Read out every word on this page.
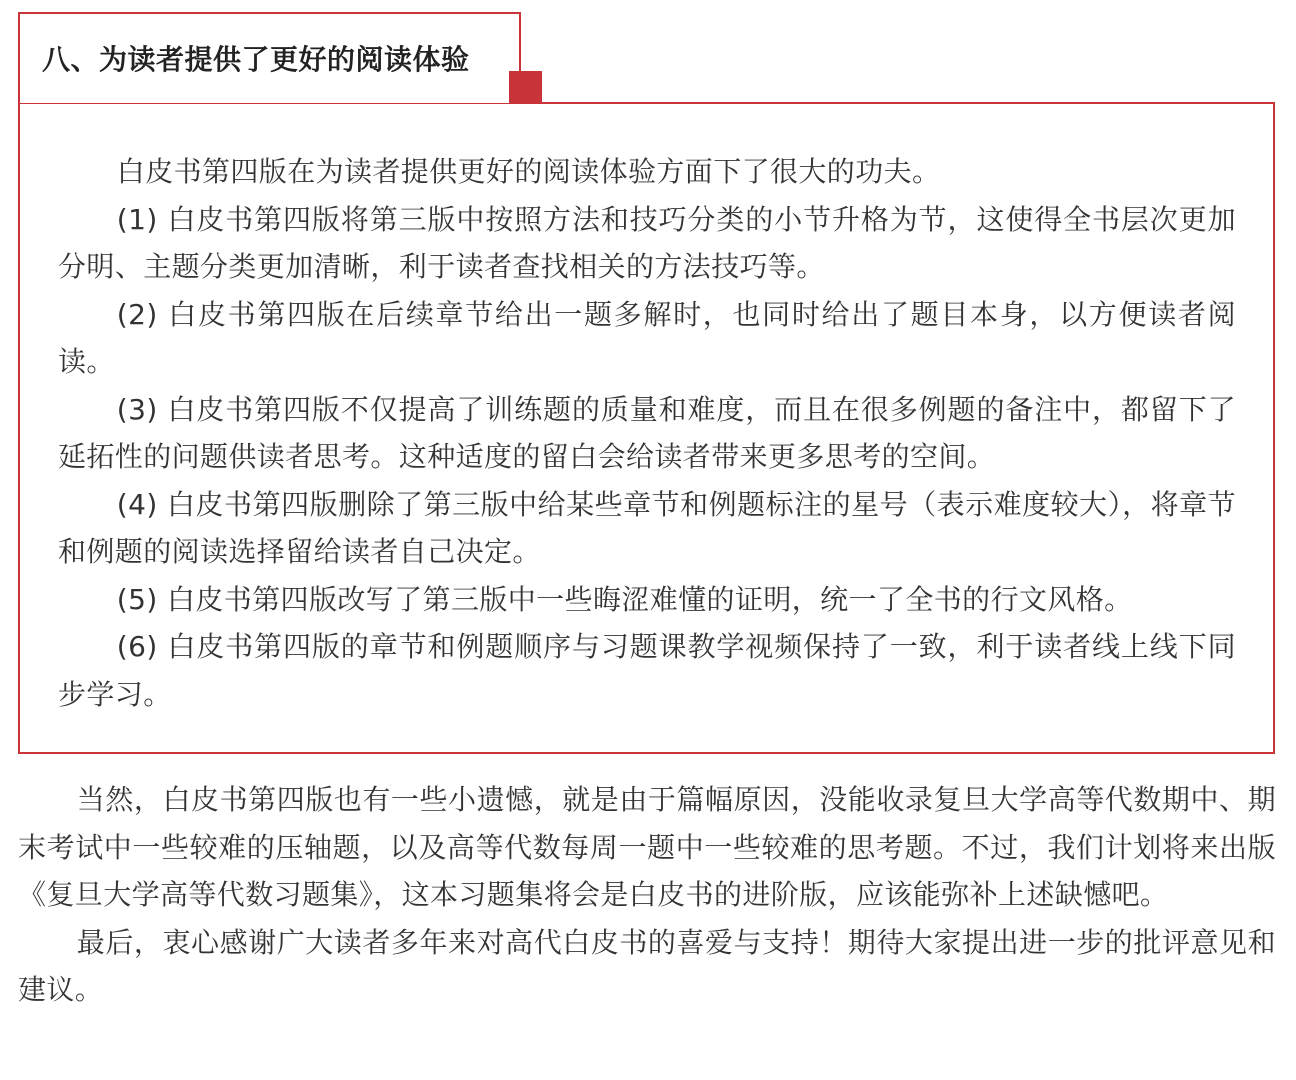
八、为读者提供了更好的阅读体验

白皮书第四版在为读者提供更好的阅读体验方面下了很大的功夫。

(1) 白皮书第四版将第三版中按照方法和技巧分类的小节升格为节，这使得全书层次更加分明、主题分类更加清晰，利于读者查找相关的方法技巧等。

(2) 白皮书第四版在后续章节给出一题多解时，也同时给出了题目本身，以方便读者阅读。

(3) 白皮书第四版不仅提高了训练题的质量和难度，而且在很多例题的备注中，都留下了延拓性的问题供读者思考。这种适度的留白会给读者带来更多思考的空间。

(4) 白皮书第四版删除了第三版中给某些章节和例题标注的星号（表示难度较大），将章节和例题的阅读选择留给读者自己决定。

(5) 白皮书第四版改写了第三版中一些晦涩难懂的证明，统一了全书的行文风格。

(6) 白皮书第四版的章节和例题顺序与习题课教学视频保持了一致，利于读者线上线下同步学习。

当然，白皮书第四版也有一些小遗憾，就是由于篇幅原因，没能收录复旦大学高等代数期中、期末考试中一些较难的压轴题，以及高等代数每周一题中一些较难的思考题。不过，我们计划将来出版《复旦大学高等代数习题集》，这本习题集将会是白皮书的进阶版，应该能弥补上述缺憾吧。

最后，衷心感谢广大读者多年来对高代白皮书的喜爱与支持！期待大家提出进一步的批评意见和建议。
